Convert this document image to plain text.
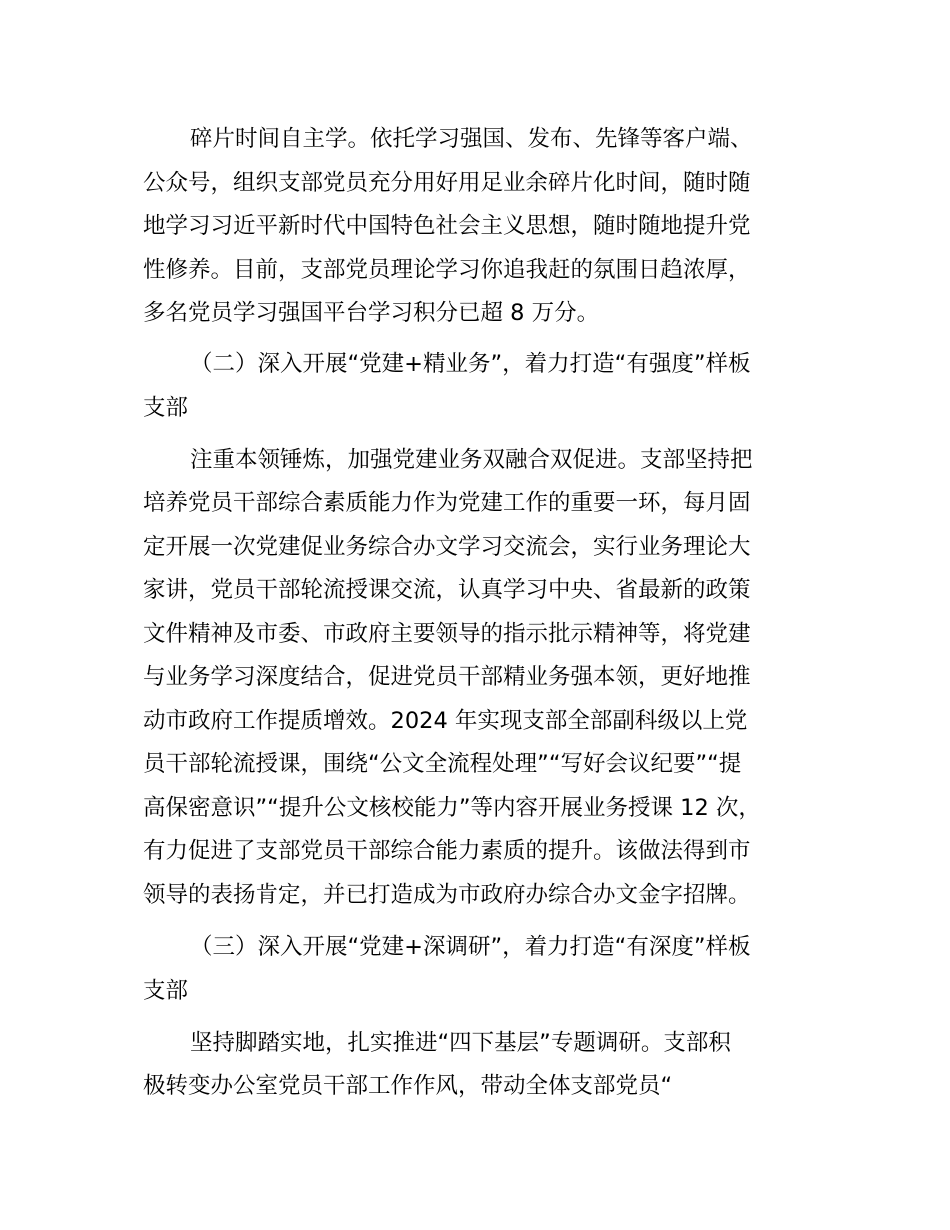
碎片时间自主学。依托学习强国、发布、先锋等客户端、
公众号，组织支部党员充分用好用足业余碎片化时间，随时随
地学习习近平新时代中国特色社会主义思想，随时随地提升党
性修养。目前，支部党员理论学习你追我赶的氛围日趋浓厚，
多名党员学习强国平台学习积分已超 8 万分。
（二）深入开展“党建+精业务”，着力打造“有强度”样板
支部
注重本领锤炼，加强党建业务双融合双促进。支部坚持把
培养党员干部综合素质能力作为党建工作的重要一环，每月固
定开展一次党建促业务综合办文学习交流会，实行业务理论大
家讲，党员干部轮流授课交流，认真学习中央、省最新的政策
文件精神及市委、市政府主要领导的指示批示精神等，将党建
与业务学习深度结合，促进党员干部精业务强本领，更好地推
动市政府工作提质增效。2024 年实现支部全部副科级以上党
员干部轮流授课，围绕“公文全流程处理”“写好会议纪要”“提
高保密意识”“提升公文核校能力”等内容开展业务授课 12 次，
有力促进了支部党员干部综合能力素质的提升。该做法得到市
领导的表扬肯定，并已打造成为市政府办综合办文金字招牌。
（三）深入开展“党建+深调研”，着力打造“有深度”样板
支部
坚持脚踏实地，扎实推进“四下基层”专题调研。支部积
极转变办公室党员干部工作作风，带动全体支部党员“
